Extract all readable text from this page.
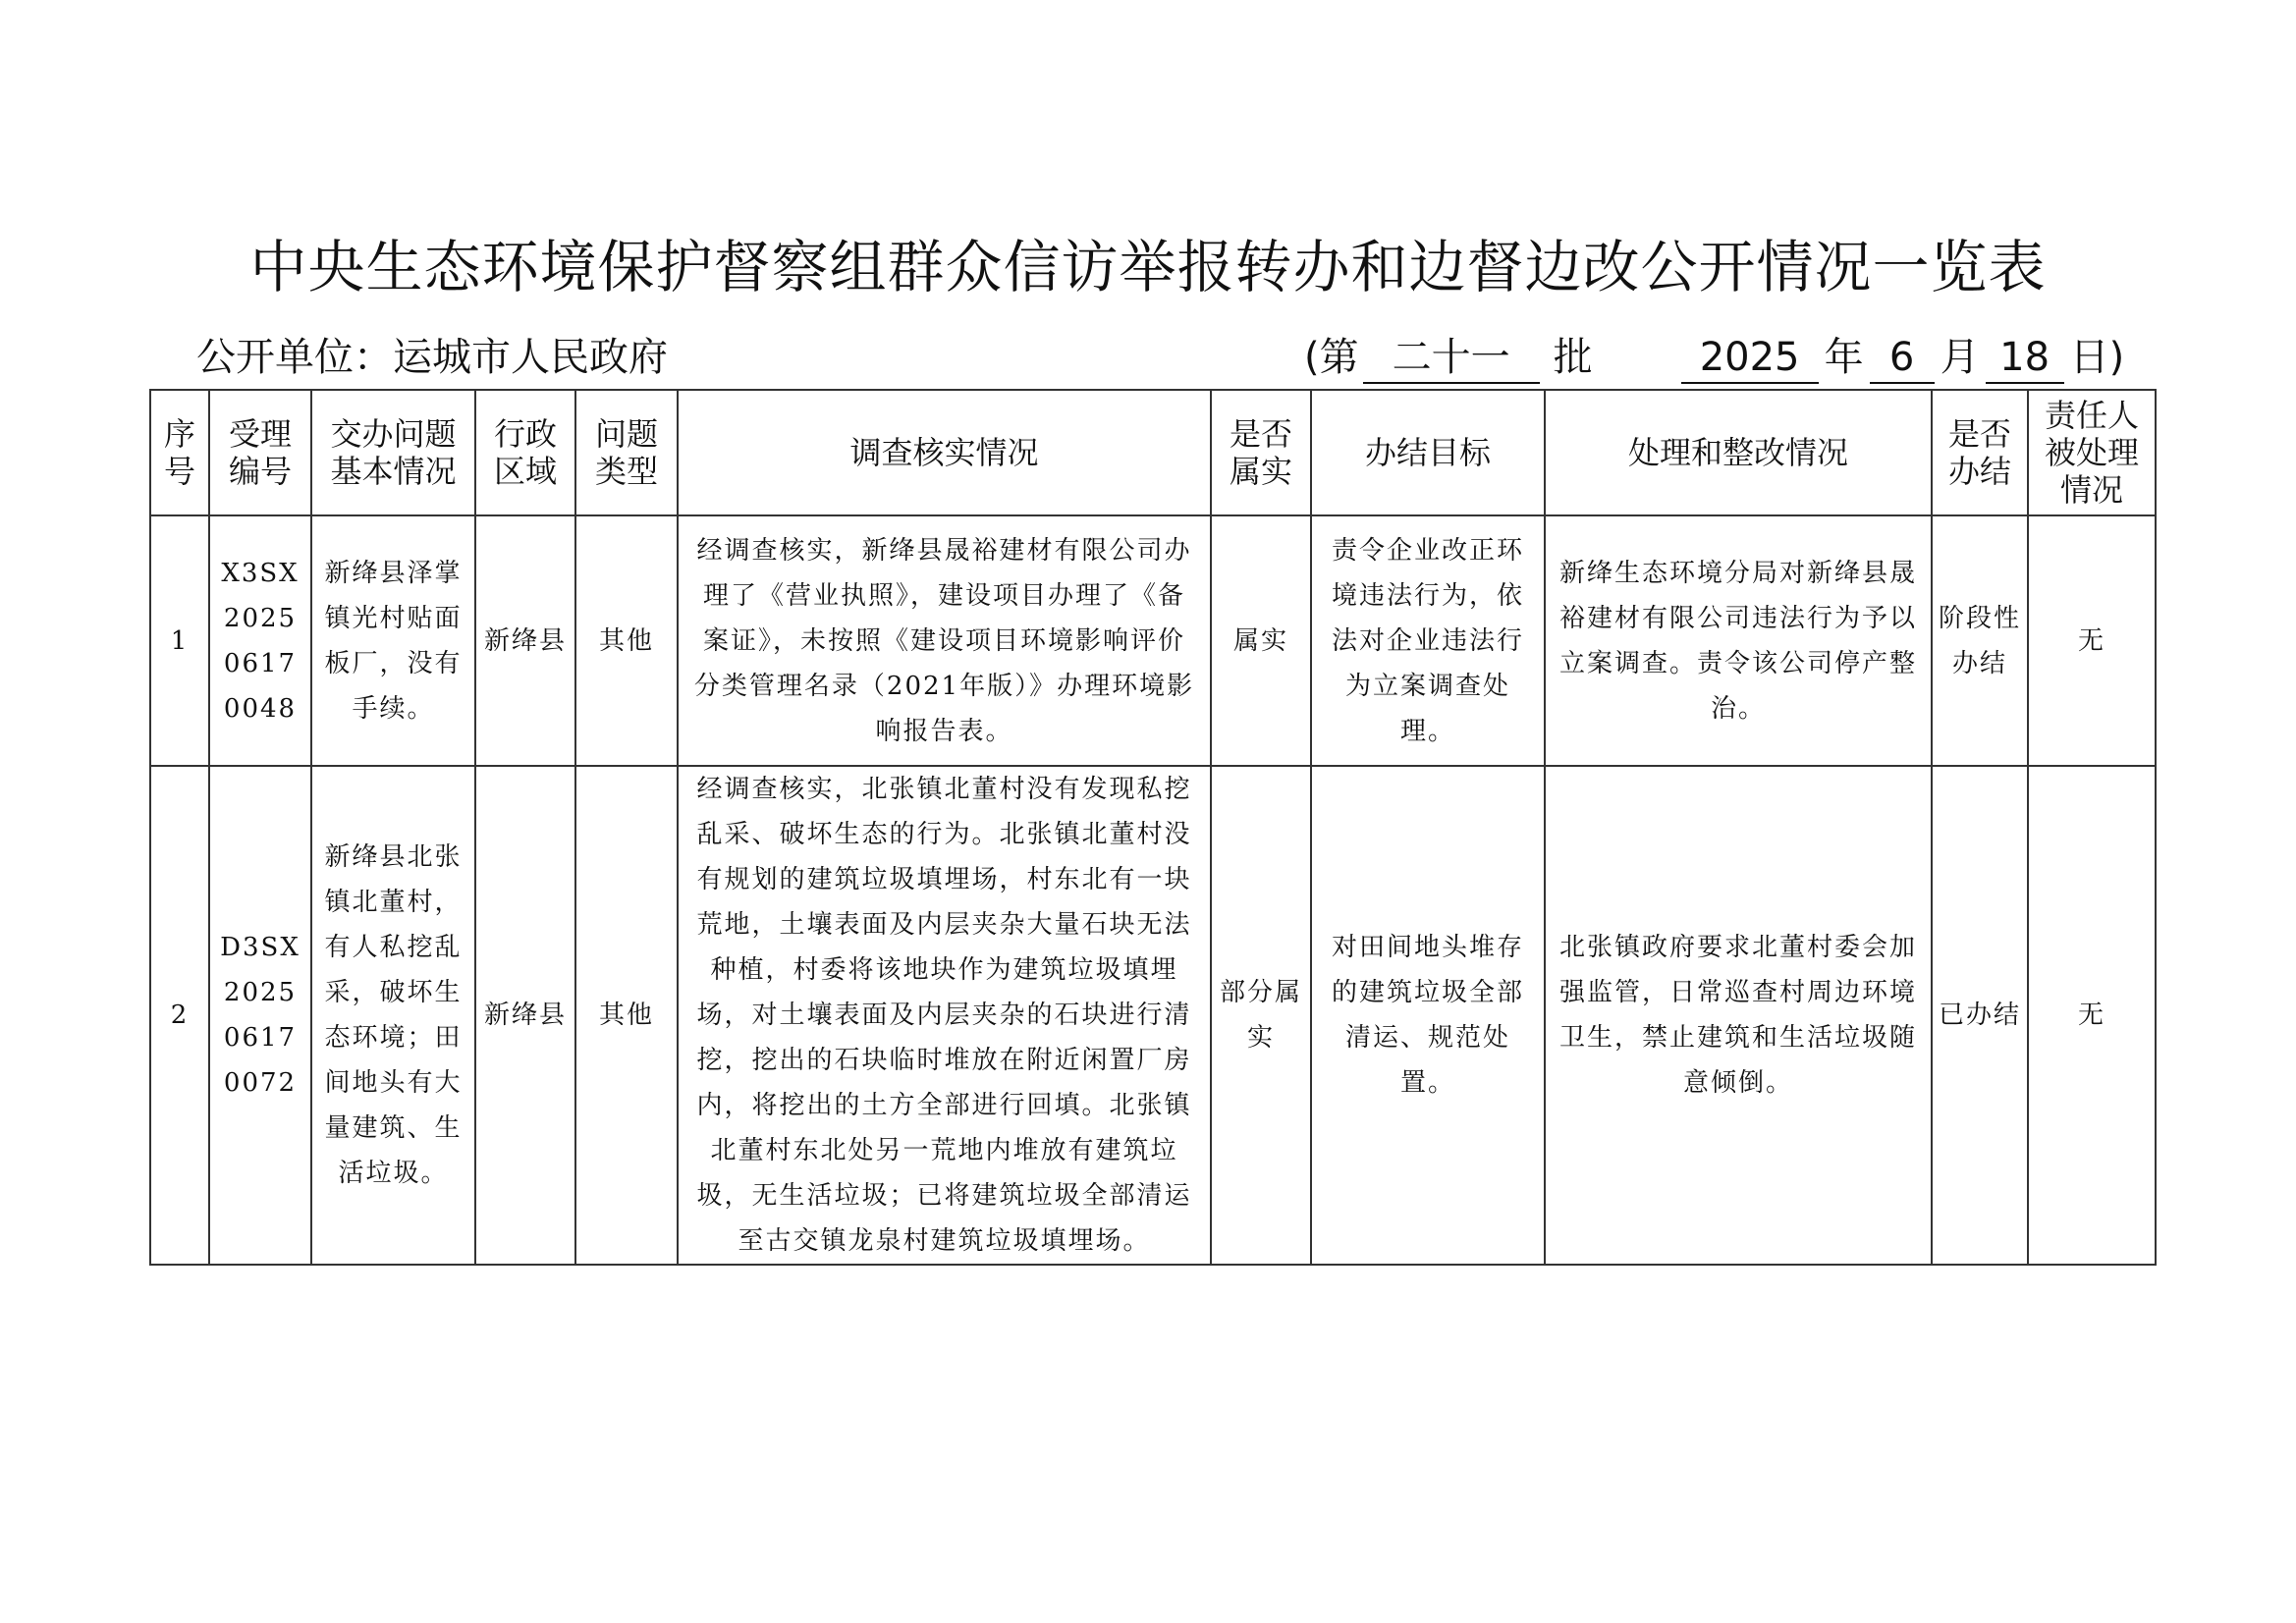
中央生态环境保护督察组群众信访举报转办和边督边改公开情况一览表
公开单位：运城市人民政府	(第 二十一 批	2025 年 6 月 18 日)
序号	受理编号	交办问题基本情况	行政区域	问题类型	调查核实情况	是否属实	办结目标	处理和整改情况	是否办结	责任人被处理情况
1	X3SX 2025 0617 0048	新绛县泽掌镇光村贴面板厂，没有手续。	新绛县	其他	经调查核实，新绛县晟裕建材有限公司办理了《营业执照》，建设项目办理了《备案证》，未按照《建设项目环境影响评价分类管理名录（2021年版）》办理环境影响报告表。	属实	责令企业改正环境违法行为，依法对企业违法行为立案调查处理。	新绛生态环境分局对新绛县晟裕建材有限公司违法行为予以立案调查。责令该公司停产整治。	阶段性办结	无
2	D3SX 2025 0617 0072	新绛县北张镇北董村，有人私挖乱采，破坏生态环境；田间地头有大量建筑、生活垃圾。	新绛县	其他	经调查核实，北张镇北董村没有发现私挖乱采、破坏生态的行为。北张镇北董村没有规划的建筑垃圾填埋场，村东北有一块荒地，土壤表面及内层夹杂大量石块无法种植，村委将该地块作为建筑垃圾填埋场，对土壤表面及内层夹杂的石块进行清挖，挖出的石块临时堆放在附近闲置厂房内，将挖出的土方全部进行回填。北张镇北董村东北处另一荒地内堆放有建筑垃圾，无生活垃圾；已将建筑垃圾全部清运至古交镇龙泉村建筑垃圾填埋场。	部分属实	对田间地头堆存的建筑垃圾全部清运、规范处置。	北张镇政府要求北董村委会加强监管，日常巡查村周边环境卫生，禁止建筑和生活垃圾随意倾倒。	已办结	无
